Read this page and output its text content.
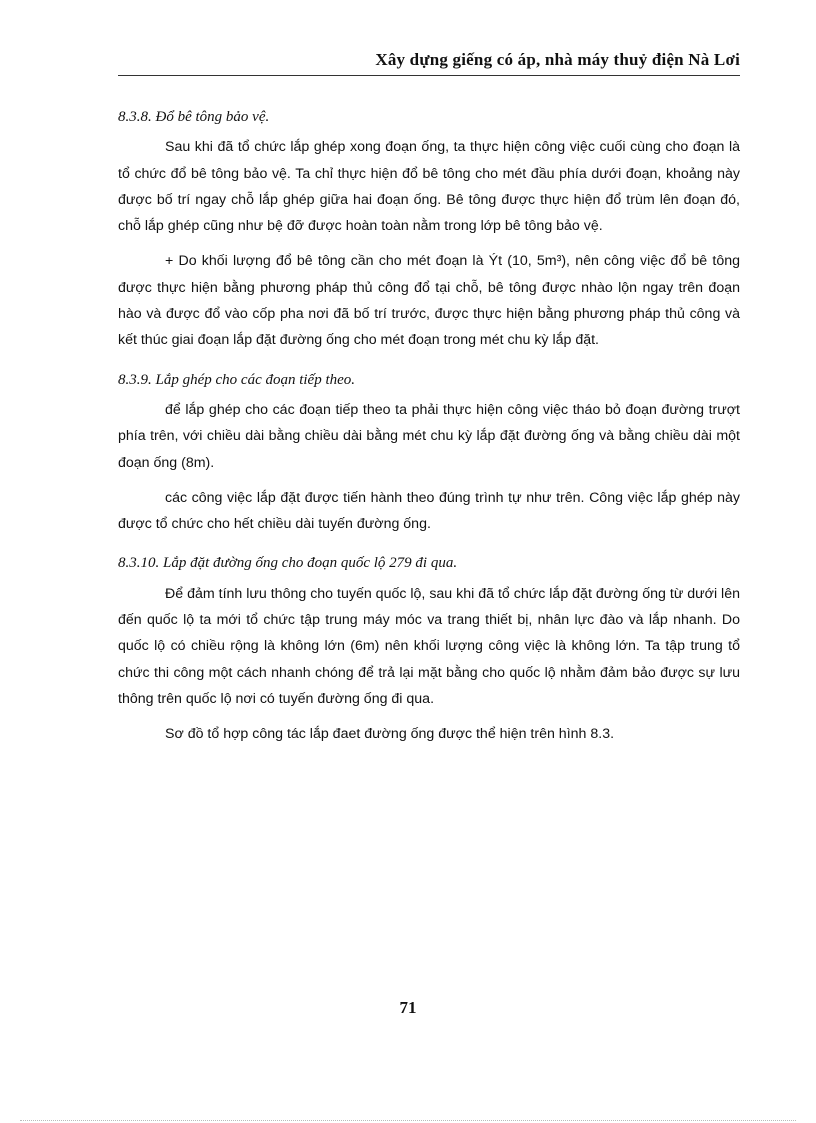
Xây dựng giếng có áp, nhà máy thuỷ điện Nà Lơi

8.3.8. Đổ bê tông bảo vệ.

Sau khi đã tổ chức lắp ghép xong đoạn ống, ta thực hiện công việc cuối cùng cho đoạn là tổ chức đổ bê tông bảo vệ. Ta chỉ thực hiện đổ bê tông cho mét đầu phía dưới đoạn, khoảng này được bố trí ngay chỗ lắp ghép giữa hai đoạn ống. Bê tông được thực hiện đổ trùm lên đoạn đó, chỗ lắp ghép cũng như bệ đỡ được hoàn toàn nằm trong lớp bê tông bảo vệ.

+ Do khối lượng đổ bê tông cần cho mét đoạn là Ýt (10, 5m³), nên công việc đổ bê tông được thực hiện bằng phương pháp thủ công đổ tại chỗ, bê tông được nhào lộn ngay trên đoạn hào và được đổ vào cốp pha nơi đã bố trí trước, được thực hiện bằng phương pháp thủ công và kết thúc giai đoạn lắp đặt đường ống cho mét đoạn trong mét chu kỳ lắp đặt.

8.3.9. Lắp ghép cho các đoạn tiếp theo.

để lắp ghép cho các đoạn tiếp theo ta phải thực hiện công việc tháo bỏ đoạn đường trượt phía trên, với chiều dài bằng chiều dài bằng mét chu kỳ lắp đặt đường ống và bằng chiều dài một đoạn ống (8m).

các công việc lắp đặt được tiến hành theo đúng trình tự như trên. Công việc lắp ghép này được tổ chức cho hết chiều dài tuyến đường ống.

8.3.10. Lắp đặt đường ống cho đoạn quốc lộ 279 đi qua.

Để đảm tính lưu thông cho tuyến quốc lộ, sau khi đã tổ chức lắp đặt đường ống từ dưới lên đến quốc lộ ta mới tổ chức tập trung máy móc va trang thiết bị, nhân lực đào và lắp nhanh. Do quốc lộ có chiều rộng là không lớn (6m) nên khối lượng công việc là không lớn. Ta tập trung tổ chức thi công một cách nhanh chóng để trả lại mặt bằng cho quốc lộ nhằm đảm bảo được sự lưu thông trên quốc lộ nơi có tuyến đường ống đi qua.

Sơ đồ tổ hợp công tác lắp đaet đường ống được thể hiện trên hình 8.3.

71
